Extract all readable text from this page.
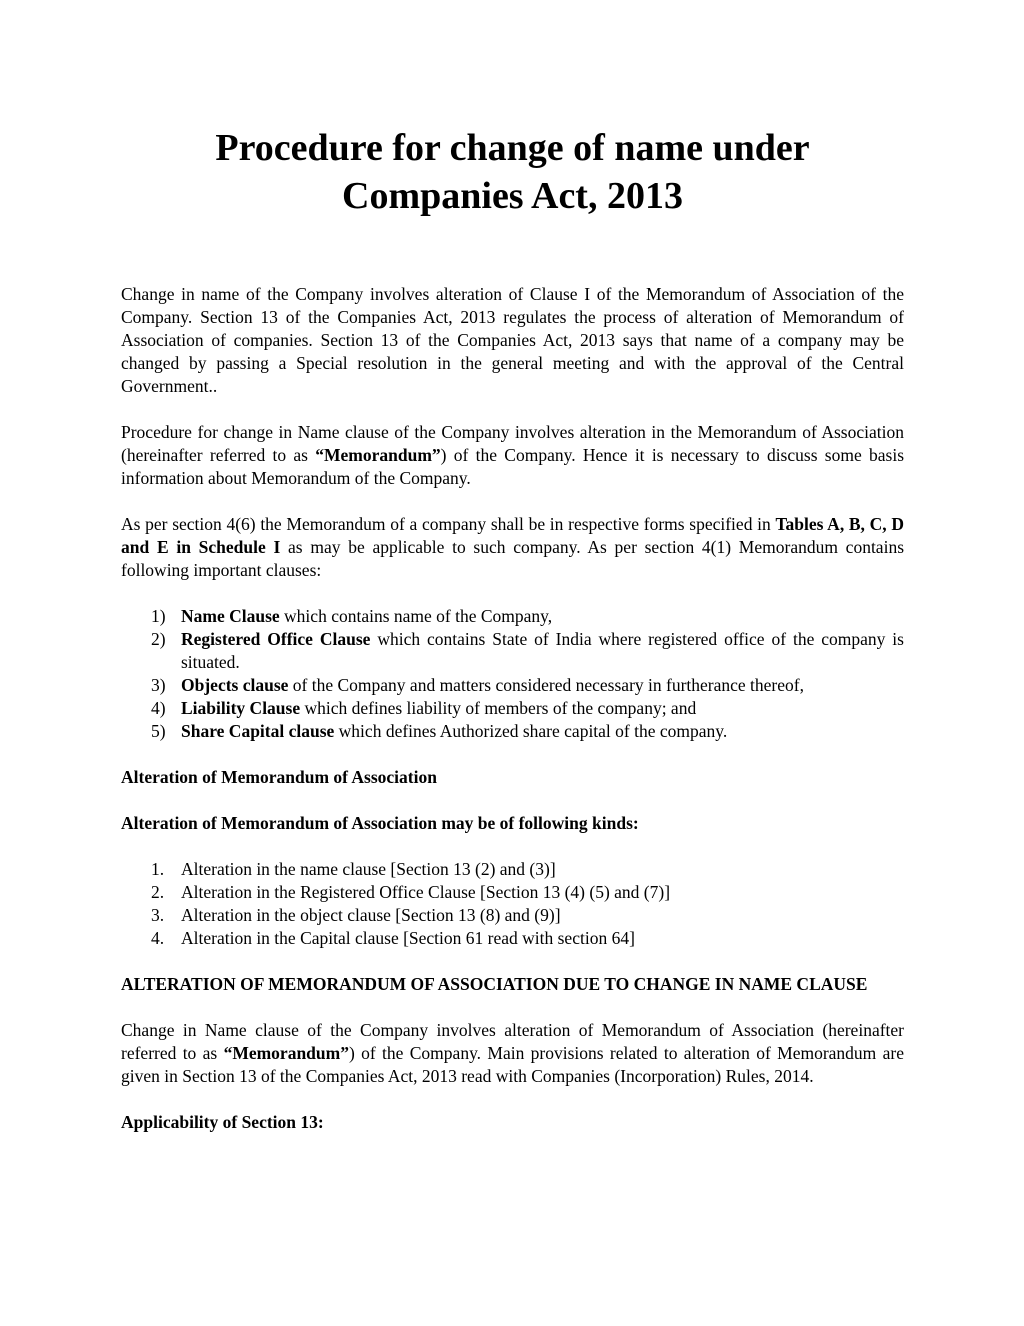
Procedure for change of name under
Companies Act, 2013

Change in name of the Company involves alteration of Clause I of the Memorandum of Association of the Company. Section 13 of the Companies Act, 2013 regulates the process of alteration of Memorandum of Association of companies. Section 13 of the Companies Act, 2013 says that name of a company may be changed by passing a Special resolution in the general meeting and with the approval of the Central Government..

Procedure for change in Name clause of the Company involves alteration in the Memorandum of Association (hereinafter referred to as “Memorandum”) of the Company. Hence it is necessary to discuss some basis information about Memorandum of the Company.

As per section 4(6) the Memorandum of a company shall be in respective forms specified in Tables A, B, C, D and E in Schedule I as may be applicable to such company. As per section 4(1) Memorandum contains following important clauses:

1) Name Clause which contains name of the Company,
2) Registered Office Clause which contains State of India where registered office of the company is situated.
3) Objects clause of the Company and matters considered necessary in furtherance thereof,
4) Liability Clause which defines liability of members of the company; and
5) Share Capital clause which defines Authorized share capital of the company.
Alteration of Memorandum of Association
Alteration of Memorandum of Association may be of following kinds:
1. Alteration in the name clause [Section 13 (2) and (3)]
2. Alteration in the Registered Office Clause [Section 13 (4) (5) and (7)]
3. Alteration in the object clause [Section 13 (8) and (9)]
4. Alteration in the Capital clause [Section 61 read with section 64]
ALTERATION OF MEMORANDUM OF ASSOCIATION DUE TO CHANGE IN NAME CLAUSE

Change in Name clause of the Company involves alteration of Memorandum of Association (hereinafter referred to as “Memorandum”) of the Company. Main provisions related to alteration of Memorandum are given in Section 13 of the Companies Act, 2013 read with Companies (Incorporation) Rules, 2014.

Applicability of Section 13:
